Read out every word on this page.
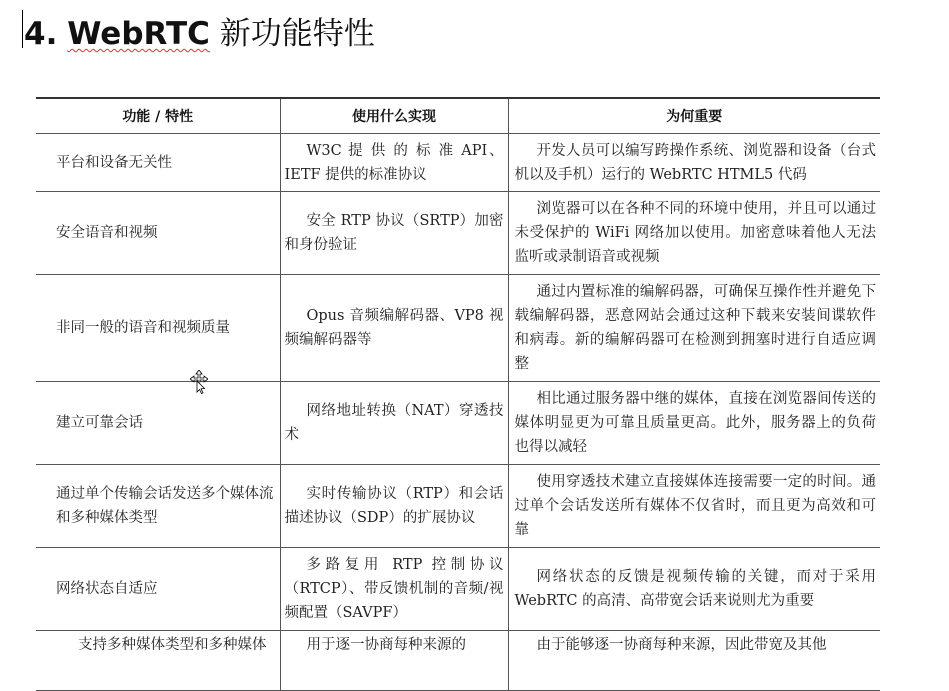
4. WebRTC 新功能特性
功能 / 特性	使用什么实现	为何重要
平台和设备无关性	W3C 提 供 的 标 准 API、IETF 提供的标准协议	开发人员可以编写跨操作系统、浏览器和设备（台式机以及手机）运行的 WebRTC HTML5 代码

安全语音和视频	安全 RTP 协议（SRTP）加密和身份验证	浏览器可以在各种不同的环境中使用，并且可以通过未受保护的 WiFi 网络加以使用。加密意味着他人无法监听或录制语音或视频

非同一般的语音和视频质量	Opus 音频编解码器、VP8 视频编解码器等	通过内置标准的编解码器，可确保互操作性并避免下载编解码器，恶意网站会通过这种下载来安装间谍软件和病毒。新的编解码器可在检测到拥塞时进行自适应调整

建立可靠会话	网络地址转换（NAT）穿透技术	相比通过服务器中继的媒体，直接在浏览器间传送的媒体明显更为可靠且质量更高。此外，服务器上的负荷也得以减轻

通过单个传输会话发送多个媒体流和多种媒体类型	实时传输协议（RTP）和会话描述协议（SDP）的扩展协议	使用穿透技术建立直接媒体连接需要一定的时间。通过单个会话发送所有媒体不仅省时，而且更为高效和可靠

网络状态自适应	多路复用 RTP 控制协议（RTCP）、带反馈机制的音频/视频配置（SAVPF）	网络状态的反馈是视频传输的关键，而对于采用 WebRTC 的高清、高带宽会话来说则尤为重要

支持多种媒体类型和多种媒体	用于逐一协商每种来源的	由于能够逐一协商每种来源，因此带宽及其他
